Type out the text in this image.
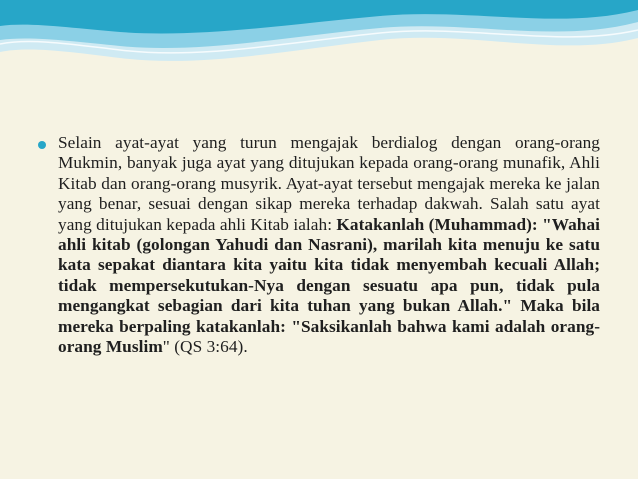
Selain ayat-ayat yang turun mengajak berdialog dengan orang-orang Mukmin, banyak juga ayat yang ditujukan kepada orang-orang munafik, Ahli Kitab dan orang-orang musyrik. Ayat-ayat tersebut mengajak mereka ke jalan yang benar, sesuai dengan sikap mereka terhadap dakwah. Salah satu ayat yang ditujukan kepada ahli Kitab ialah: Katakanlah (Muhammad): "Wahai ahli kitab (golongan Yahudi dan Nasrani), marilah kita menuju ke satu kata sepakat diantara kita yaitu kita tidak menyembah kecuali Allah; tidak mempersekutukan-Nya dengan sesuatu apa pun, tidak pula mengangkat sebagian dari kita tuhan yang bukan Allah." Maka bila mereka berpaling katakanlah: "Saksikanlah bahwa kami adalah orang-orang Muslim" (QS 3:64).
